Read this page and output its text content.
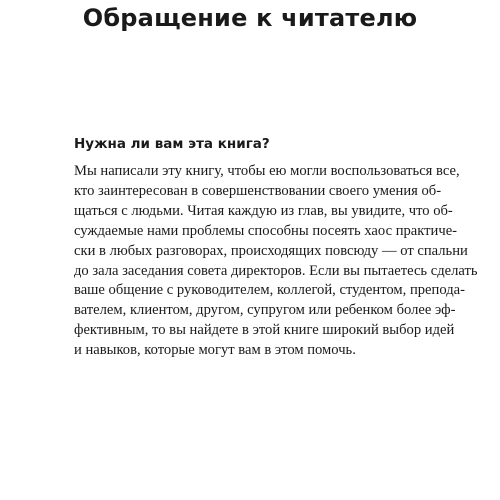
Обращение к читателю
Нужна ли вам эта книга?

Мы написали эту книгу, чтобы ею могли воспользоваться все,

кто заинтересован в совершенствовании своего умения об-

щаться с людьми. Читая каждую из глав, вы увидите, что об-

суждаемые нами проблемы способны посеять хаос практиче-

ски в любых разговорах, происходящих повсюду — от спальни

до зала заседания совета директоров. Если вы пытаетесь сделать

ваше общение с руководителем, коллегой, студентом, препода-

вателем, клиентом, другом, супругом или ребенком более эф-

фективным, то вы найдете в этой книге широкий выбор идей

и навыков, которые могут вам в этом помочь.
